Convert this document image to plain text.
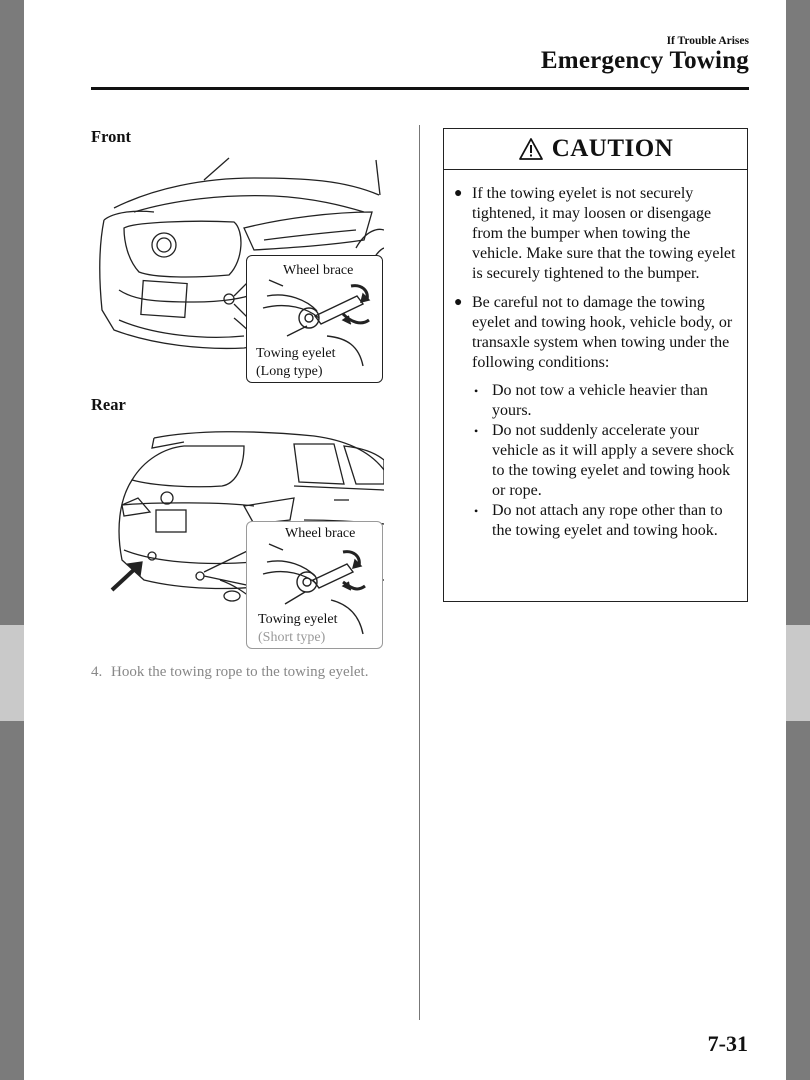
If Trouble Arises
Emergency Towing
Front
Wheel brace
Towing eyelet
(Long type)
Rear
Wheel brace
Towing eyelet
(Short type)
4. Hook the towing rope to the towing eyelet.
CAUTION
● If the towing eyelet is not securely tightened, it may loosen or disengage from the bumper when towing the vehicle. Make sure that the towing eyelet is securely tightened to the bumper.
● Be careful not to damage the towing eyelet and towing hook, vehicle body, or transaxle system when towing under the following conditions:
• Do not tow a vehicle heavier than yours.
• Do not suddenly accelerate your vehicle as it will apply a severe shock to the towing eyelet and towing hook or rope.
• Do not attach any rope other than to the towing eyelet and towing hook.
7-31
